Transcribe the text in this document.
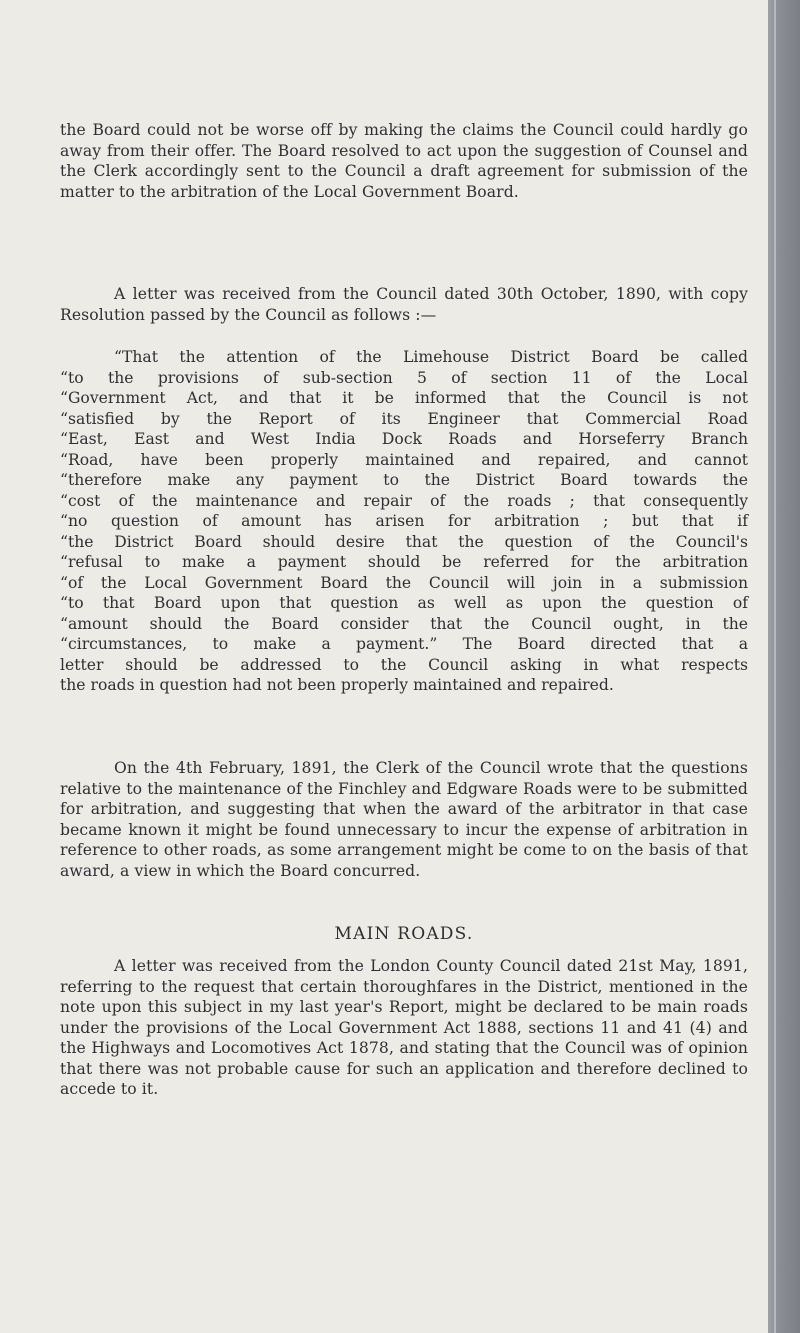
the Board could not be worse off by making the claims the Council could hardly go away from their offer. The Board resolved to act upon the suggestion of Counsel and the Clerk accordingly sent to the Council a draft agreement for submission of the matter to the arbitration of the Local Government Board.

A letter was received from the Council dated 30th October, 1890, with copy Resolution passed by the Council as follows :—

“That the attention of the Limehouse District Board be called
“to the provisions of sub-section 5 of section 11 of the Local
“Government Act, and that it be informed that the Council is not
“satisfied by the Report of its Engineer that Commercial Road
“East, East and West India Dock Roads and Horseferry Branch
“Road, have been properly maintained and repaired, and cannot
“therefore make any payment to the District Board towards the
“cost of the maintenance and repair of the roads ; that consequently
“no question of amount has arisen for arbitration ; but that if
“the District Board should desire that the question of the Council's
“refusal to make a payment should be referred for the arbitration
“of the Local Government Board the Council will join in a submission
“to that Board upon that question as well as upon the question of
“amount should the Board consider that the Council ought, in the
“circumstances, to make a payment.” The Board directed that a
letter should be addressed to the Council asking in what respects
the roads in question had not been properly maintained and repaired.

On the 4th February, 1891, the Clerk of the Council wrote that the questions relative to the maintenance of the Finchley and Edgware Roads were to be submitted for arbitration, and suggesting that when the award of the arbitrator in that case became known it might be found unnecessary to incur the expense of arbitration in reference to other roads, as some arrangement might be come to on the basis of that award, a view in which the Board concurred.

MAIN ROADS.

A letter was received from the London County Council dated 21st May, 1891, referring to the request that certain thoroughfares in the District, mentioned in the note upon this subject in my last year's Report, might be declared to be main roads under the provisions of the Local Government Act 1888, sections 11 and 41 (4) and the Highways and Locomotives Act 1878, and stating that the Council was of opinion that there was not probable cause for such an application and therefore declined to accede to it.
